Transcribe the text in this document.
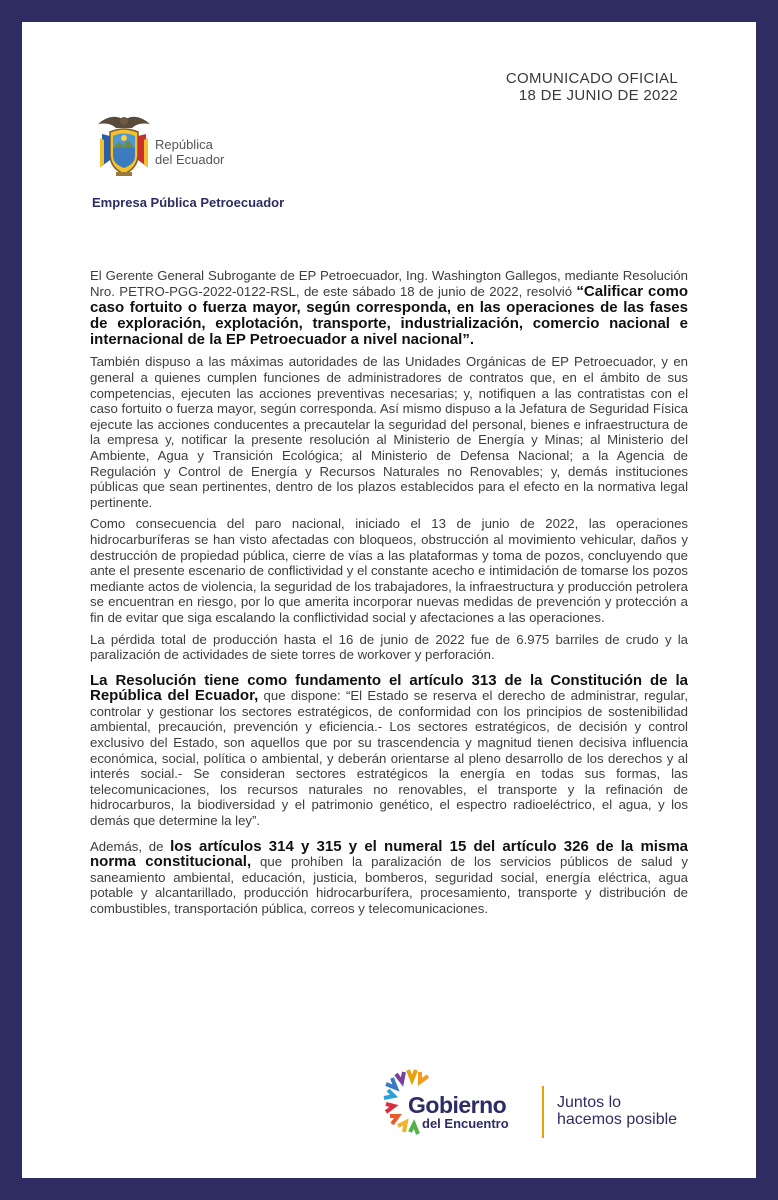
COMUNICADO OFICIAL
18 DE JUNIO DE 2022
República
del Ecuador
Empresa Pública Petroecuador

El Gerente General Subrogante de EP Petroecuador, Ing. Washington Gallegos, mediante Resolución Nro. PETRO-PGG-2022-0122-RSL, de este sábado 18 de junio de 2022, resolvió “Calificar como caso fortuito o fuerza mayor, según corresponda, en las operaciones de las fases de exploración, explotación, transporte, industrialización, comercio nacional e internacional de la EP Petroecuador a nivel nacional”.

También dispuso a las máximas autoridades de las Unidades Orgánicas de EP Petroecuador, y en general a quienes cumplen funciones de administradores de contratos que, en el ámbito de sus competencias, ejecuten las acciones preventivas necesarias; y, notifiquen a las contratistas con el caso fortuito o fuerza mayor, según corresponda. Así mismo dispuso a la Jefatura de Seguridad Física ejecute las acciones conducentes a precautelar la seguridad del personal, bienes e infraestructura de la empresa y, notificar la presente resolución al Ministerio de Energía y Minas; al Ministerio del Ambiente, Agua y Transición Ecológica; al Ministerio de Defensa Nacional; a la Agencia de Regulación y Control de Energía y Recursos Naturales no Renovables; y, demás instituciones públicas que sean pertinentes, dentro de los plazos establecidos para el efecto en la normativa legal pertinente.

Como consecuencia del paro nacional, iniciado el 13 de junio de 2022, las operaciones hidrocarburíferas se han visto afectadas con bloqueos, obstrucción al movimiento vehicular, daños y destrucción de propiedad pública, cierre de vías a las plataformas y toma de pozos, concluyendo que ante el presente escenario de conflictividad y el constante acecho e intimidación de tomarse los pozos mediante actos de violencia, la seguridad de los trabajadores, la infraestructura y producción petrolera se encuentran en riesgo, por lo que amerita incorporar nuevas medidas de prevención y protección a fin de evitar que siga escalando la conflictividad social y afectaciones a las operaciones.

La pérdida total de producción hasta el 16 de junio de 2022 fue de 6.975 barriles de crudo y la paralización de actividades de siete torres de workover y perforación.

La Resolución tiene como fundamento el artículo 313 de la Constitución de la República del Ecuador, que dispone: “El Estado se reserva el derecho de administrar, regular, controlar y gestionar los sectores estratégicos, de conformidad con los principios de sostenibilidad ambiental, precaución, prevención y eficiencia.- Los sectores estratégicos, de decisión y control exclusivo del Estado, son aquellos que por su trascendencia y magnitud tienen decisiva influencia económica, social, política o ambiental, y deberán orientarse al pleno desarrollo de los derechos y al interés social.- Se consideran sectores estratégicos la energía en todas sus formas, las telecomunicaciones, los recursos naturales no renovables, el transporte y la refinación de hidrocarburos, la biodiversidad y el patrimonio genético, el espectro radioeléctrico, el agua, y los demás que determine la ley”.

Además, de los artículos 314 y 315 y el numeral 15 del artículo 326 de la misma norma constitucional, que prohíben la paralización de los servicios públicos de salud y saneamiento ambiental, educación, justicia, bomberos, seguridad social, energía eléctrica, agua potable y alcantarillado, producción hidrocarburífera, procesamiento, transporte y distribución de combustibles, transportación pública, correos y telecomunicaciones.

Gobierno
del Encuentro
Juntos lo
hacemos posible
